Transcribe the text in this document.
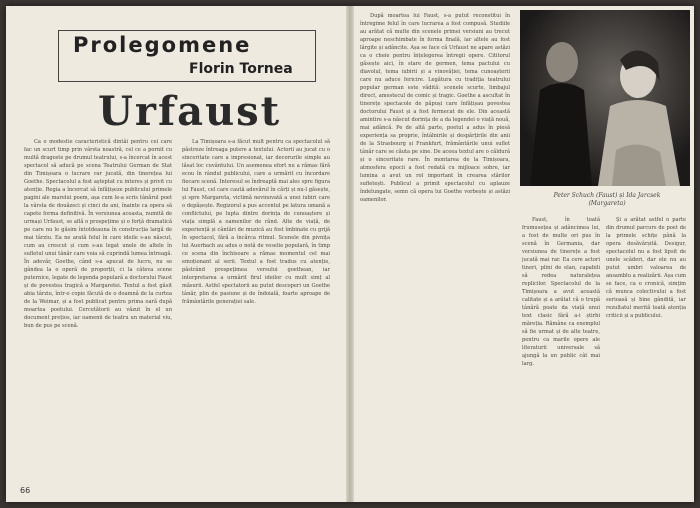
Prolegomene
Florin Tornea
Urfaust

Ca o modestie caracteristică dintâi pentru cei care fac un scurt timp prin vârsta noastră, cel ce a pornit cu multă dragoste pe drumul teatrului, s-a încercat în acest spectacol să aducă pe scena Teatrului German de Stat din Timișoara o lucrare rar jucată, din tinerețea lui Goethe. Spectacolul a fost așteptat cu interes și privit cu atenție. Regia a încercat să înfățișeze publicului primele pagini ale marelui poem, așa cum le-a scris tânărul poet la vârsta de douăzeci și cinci de ani, înainte ca opera să capete forma definitivă. În versiunea aceasta, numită de urmași Urfaust, se află o prospețime și o forță dramatică pe care nu le găsim întotdeauna în construcția largă de mai târziu. Ea ne arată felul în care ideile s-au născut, cum au crescut și cum s-au legat unele de altele în sufletul unui tânăr care voia să cuprindă lumea întreagă. În adevăr, Goethe, când s-a apucat de lucru, nu se gândea la o operă de proporții, ci la câteva scene puternice, legate de legenda populară a doctorului Faust și de povestea tragică a Margaretei. Textul a fost găsit abia târziu, într-o copie făcută de o doamnă de la curtea de la Weimar, și a fost publicat pentru prima oară după moartea poetului. Cercetătorii au văzut în el un document prețios, iar oamenii de teatru un material viu, bun de pus pe scenă.

La Timișoara s-a făcut mult pentru ca spectacolul să păstreze întreaga putere a textului. Actorii au jucat cu o sinceritate care a impresionat, iar decorurile simple au lăsat loc cuvântului. Un asemenea efort nu a rămas fără ecou în rândul publicului, care a urmărit cu încordare fiecare scenă. Interesul se îndreaptă mai ales spre figura lui Faust, cel care caută adevărul în cărți și nu-l găsește, și spre Margareta, victimă nevinovată a unei iubiri care o depășește. Regizorul a pus accentul pe latura umană a conflictului, pe lupta dintre dorința de cunoaștere și viața simplă a oamenilor de rând. Alte de viață, de experiență și cântări de muzică au fost îmbinate cu grijă în spectacol, fără a încărca ritmul. Scenele din pivnița lui Auerbach au adus o notă de veselie populară, în timp ce scena din închisoare a rămas momentul cel mai emoționant al serii. Textul a fost tradus cu atenție, păstrând prospețimea versului goethean, iar interpretarea a urmărit firul ideilor cu mult simț al măsurii. Astfel spectatorii au putut descoperi un Goethe tânăr, plin de pasiune și de îndoială, foarte aproape de frământările generației sale.

66

După moartea lui Faust, s-a putut reconstitui în întregime felul în care lucrarea a fost compusă. Studiile au arătat că multe din scenele primei versiuni au trecut aproape neschimbate în forma finală, iar altele au fost lărgite și adâncite. Așa se face că Urfaust ne apare astăzi ca o cheie pentru înțelegerea întregii opere. Cititorul găsește aici, în stare de germen, tema pactului cu diavolul, tema iubirii și a vinovăției, tema cunoașterii care nu aduce fericire. Legătura cu tradiția teatrului popular german este vădită: scenele scurte, limbajul direct, amestecul de comic și tragic. Goethe a ascultat în tinerețe spectacole de păpuși care înfățișau povestea doctorului Faust și a fost fermecat de ele. Din această amintire s-a născut dorința de a da legendei o viață nouă, mai adâncă. Pe de altă parte, poetul a adus în piesă experiența sa proprie, întâlnirile și despărțirile din anii de la Strasbourg și Frankfurt, frământările unui suflet tânăr care se căuta pe sine. De aceea textul are o căldură și o sinceritate rare. În montarea de la Timișoara, atmosfera epocii a fost redată cu mijloace sobre, iar lumina a avut un rol important în crearea stărilor sufletești. Publicul a primit spectacolul cu aplauze îndelungate, semn că opera lui Goethe vorbește și astăzi oamenilor.

Peter Schuch (Faust) și Ida Jarcsek
(Margareta)

Faust, în toată frumusețea și adâncimea lui, a fost de multe ori pus în scenă în Germania, dar versiunea de tinerețe a fost jucată mai rar. Ea cere actori tineri, plini de elan, capabili să redea naturalețea replicilor. Spectacolul de la Timișoara a avut această calitate și a arătat că o trupă tânără poate da viață unui text clasic fără a-i știrbi măreția. Rămâne ca exemplul să fie urmat și de alte teatre, pentru ca marile opere ale literaturii universale să ajungă la un public cât mai larg.

Și a arătat astfel o parte din drumul parcurs de poet de la primele schițe până la opera desăvârșită. Desigur, spectacolul nu a fost lipsit de unele scăderi, dar ele nu au putut umbri valoarea de ansamblu a realizării. Așa cum se face, ca o cronică, simțim că munca colectivului a fost serioasă și bine gândită, iar rezultatul merită toată atenția criticii și a publicului.
